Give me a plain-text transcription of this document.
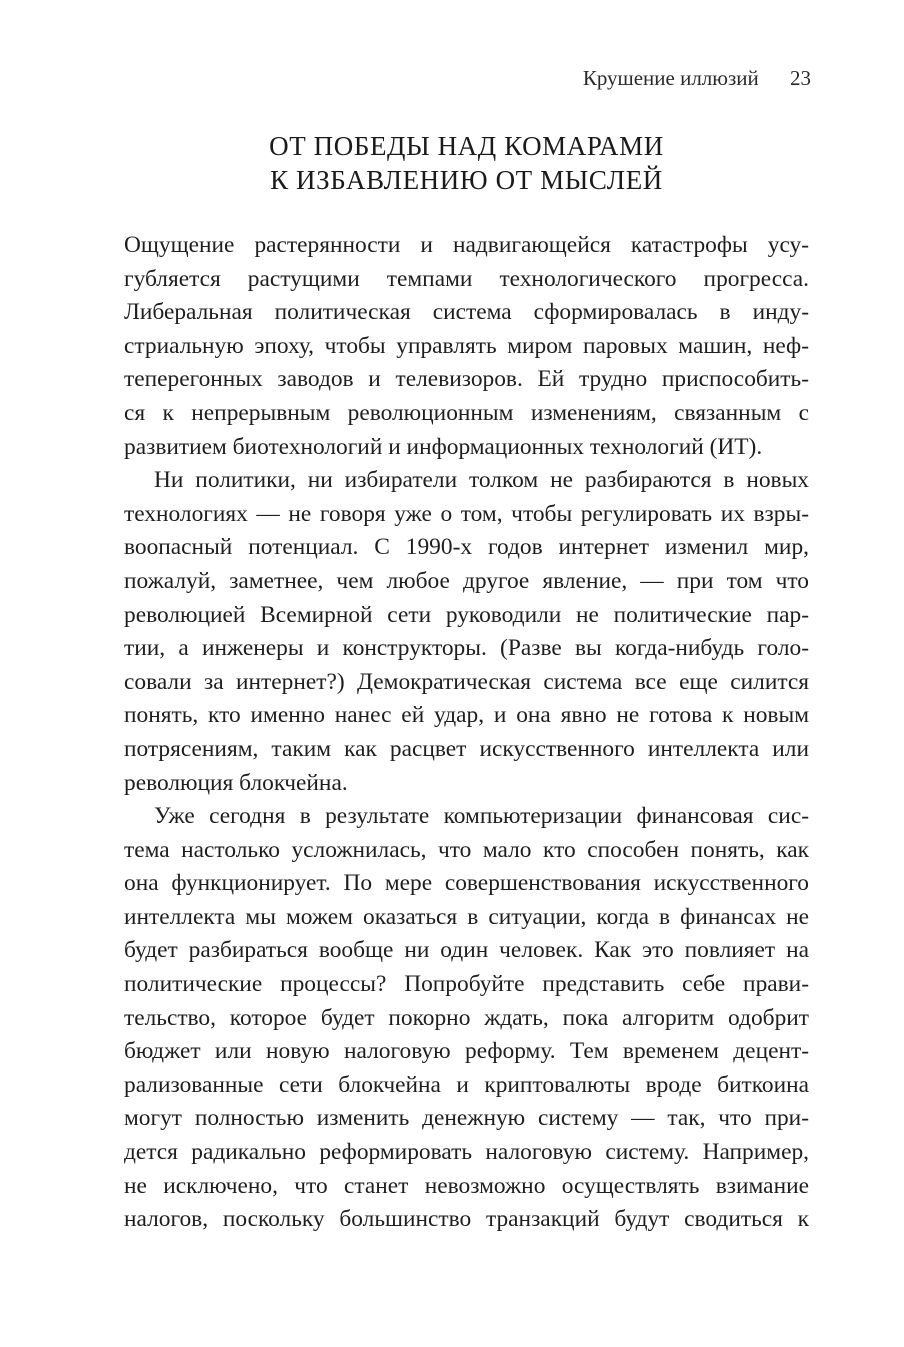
Крушение иллюзий 23
ОТ ПОБЕДЫ НАД КОМАРАМИ
К ИЗБАВЛЕНИЮ ОТ МЫСЛЕЙ
Ощущение растерянности и надвигающейся катастрофы усу-
губляется растущими темпами технологического прогресса.
Либеральная политическая система сформировалась в инду-
стриальную эпоху, чтобы управлять миром паровых машин, неф-
теперегонных заводов и телевизоров. Ей трудно приспособить-
ся к непрерывным революционным изменениям, связанным с
развитием биотехнологий и информационных технологий (ИТ).
Ни политики, ни избиратели толком не разбираются в новых
технологиях — не говоря уже о том, чтобы регулировать их взры-
воопасный потенциал. С 1990-х годов интернет изменил мир,
пожалуй, заметнее, чем любое другое явление, — при том что
революцией Всемирной сети руководили не политические пар-
тии, а инженеры и конструкторы. (Разве вы когда-нибудь голо-
совали за интернет?) Демократическая система все еще силится
понять, кто именно нанес ей удар, и она явно не готова к новым
потрясениям, таким как расцвет искусственного интеллекта или
революция блокчейна.
Уже сегодня в результате компьютеризации финансовая сис-
тема настолько усложнилась, что мало кто способен понять, как
она функционирует. По мере совершенствования искусственного
интеллекта мы можем оказаться в ситуации, когда в финансах не
будет разбираться вообще ни один человек. Как это повлияет на
политические процессы? Попробуйте представить себе прави-
тельство, которое будет покорно ждать, пока алгоритм одобрит
бюджет или новую налоговую реформу. Тем временем децент-
рализованные сети блокчейна и криптовалюты вроде биткоина
могут полностью изменить денежную систему — так, что при-
дется радикально реформировать налоговую систему. Например,
не исключено, что станет невозможно осуществлять взимание
налогов, поскольку большинство транзакций будут сводиться к
